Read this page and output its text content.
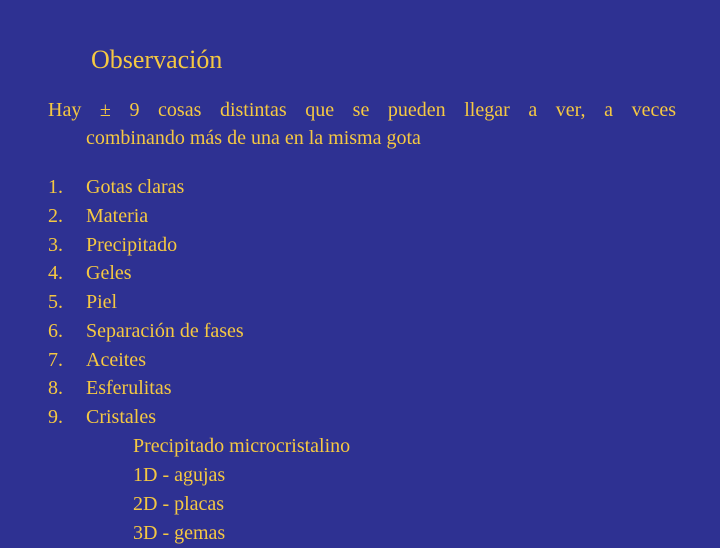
Observación
Hay ± 9 cosas distintas que se pueden llegar a ver, a veces
combinando más de una en la misma gota
1.	Gotas claras
2.	Materia
3.	Precipitado
4.	Geles
5.	Piel
6.	Separación de fases
7.	Aceites
8.	Esferulitas
9.	Cristales
Precipitado microcristalino
1D - agujas
2D - placas
3D - gemas
